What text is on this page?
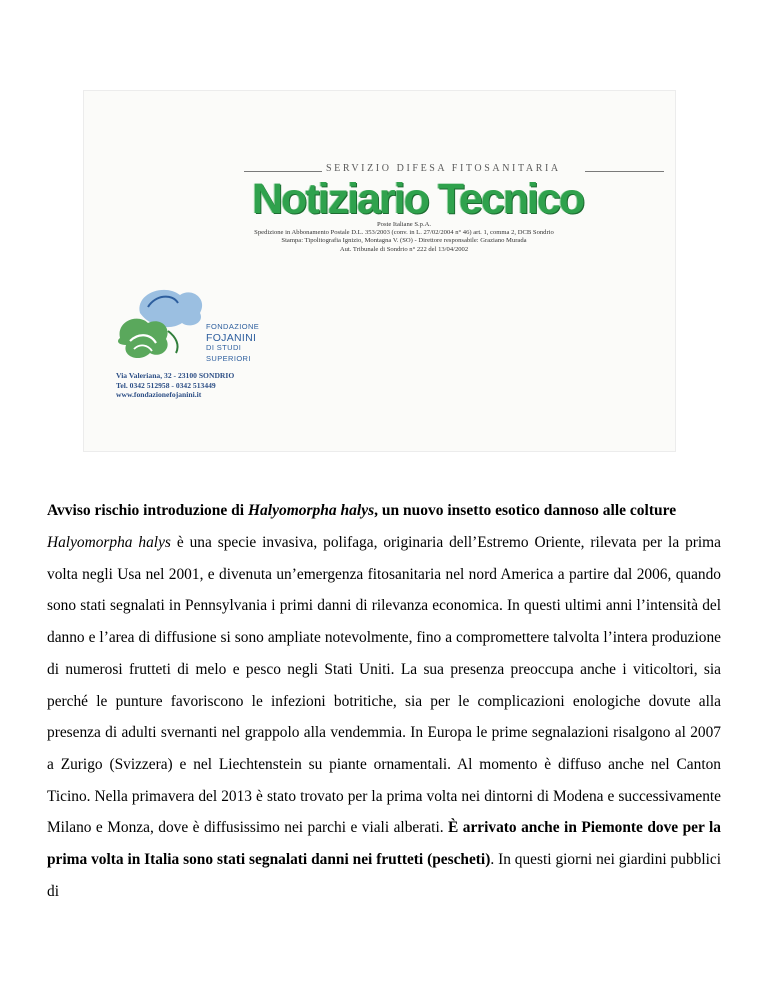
SERVIZIO DIFESA FITOSANITARIA
Notiziario Tecnico
Poste Italiane S.p.A.
Spedizione in Abbonamento Postale D.L. 353/2003 (conv. in L. 27/02/2004 n° 46) art. 1, comma 2, DCB Sondrio
Stampa: Tipolitografia Ignizio, Montagna V. (SO) - Direttore responsabile: Graziano Murada
Aut. Tribunale di Sondrio n° 222 del 13/04/2002
FONDAZIONE
FOJANINI
DI STUDI
SUPERIORI
Via Valeriana, 32 - 23100 SONDRIO
Tel. 0342 512958 - 0342 513449
www.fondazionefojanini.it

Avviso rischio introduzione di Halyomorpha halys, un nuovo insetto esotico dannoso alle colture

Halyomorpha halys è una specie invasiva, polifaga, originaria dell’Estremo Oriente, rilevata per la prima volta negli Usa nel 2001, e divenuta un’emergenza fitosanitaria nel nord America a partire dal 2006, quando sono stati segnalati in Pennsylvania i primi danni di rilevanza economica. In questi ultimi anni l’intensità del danno e l’area di diffusione si sono ampliate notevolmente, fino a compromettere talvolta l’intera produzione di numerosi frutteti di melo e pesco negli Stati Uniti. La sua presenza preoccupa anche i viticoltori, sia perché le punture favoriscono le infezioni botritiche, sia per le complicazioni enologiche dovute alla presenza di adulti svernanti nel grappolo alla vendemmia. In Europa le prime segnalazioni risalgono al 2007 a Zurigo (Svizzera) e nel Liechtenstein su piante ornamentali. Al momento è diffuso anche nel Canton Ticino. Nella primavera del 2013 è stato trovato per la prima volta nei dintorni di Modena e successivamente Milano e Monza, dove è diffusissimo nei parchi e viali alberati. È arrivato anche in Piemonte dove per la prima volta in Italia sono stati segnalati danni nei frutteti (pescheti). In questi giorni nei giardini pubblici di
